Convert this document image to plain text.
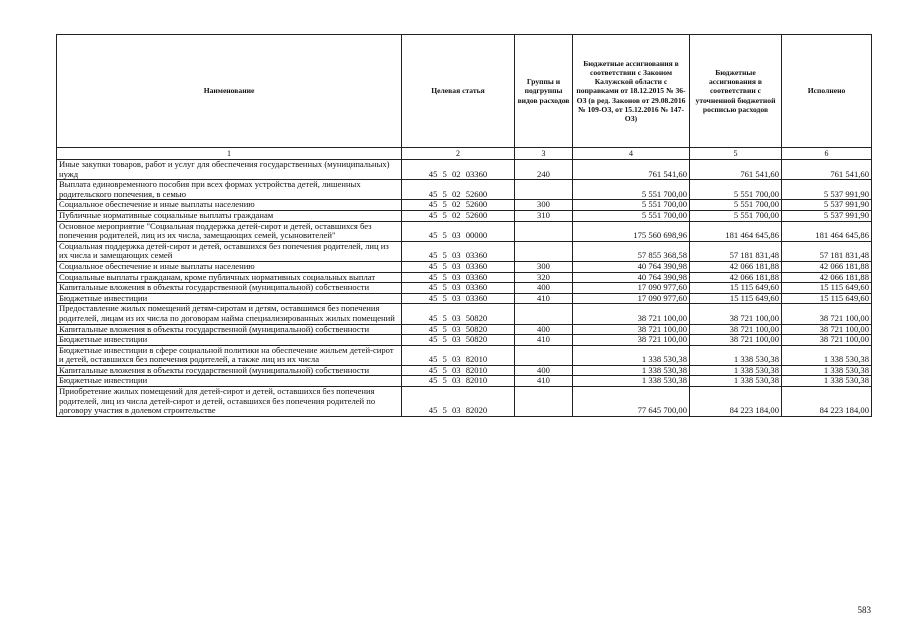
Наименование	Целевая статья	Группы и подгруппы видов расходов	Бюджетные ассигнования в соответствии с Законом Калужской области с поправками от 18.12.2015 № 36-ОЗ (в ред. Законов от 29.08.2016 № 109-ОЗ, от 15.12.2016 № 147-ОЗ)	Бюджетные ассигнования в соответствии с уточненной бюджетной росписью расходов	Исполнено
1	2	3	4	5	6
Иные закупки товаров, работ и услуг для обеспечения государственных (муниципальных) нужд	45 5 02 03360	240	761 541,60	761 541,60	761 541,60
Выплата единовременного пособия при всех формах устройства детей, лишенных родительского попечения, в семью	45 5 02 52600		5 551 700,00	5 551 700,00	5 537 991,90
Социальное обеспечение и иные выплаты населению	45 5 02 52600	300	5 551 700,00	5 551 700,00	5 537 991,90
Публичные нормативные социальные выплаты гражданам	45 5 02 52600	310	5 551 700,00	5 551 700,00	5 537 991,90
Основное мероприятие "Социальная поддержка детей-сирот и детей, оставшихся без попечения родителей, лиц из их числа, замещающих семей, усыновителей"	45 5 03 00000		175 560 698,96	181 464 645,86	181 464 645,86
Социальная поддержка детей-сирот и детей, оставшихся без попечения родителей, лиц из их числа и замещающих семей	45 5 03 03360		57 855 368,58	57 181 831,48	57 181 831,48
Социальное обеспечение и иные выплаты населению	45 5 03 03360	300	40 764 390,98	42 066 181,88	42 066 181,88
Социальные выплаты гражданам, кроме публичных нормативных социальных выплат	45 5 03 03360	320	40 764 390,98	42 066 181,88	42 066 181,88
Капитальные вложения в объекты государственной (муниципальной) собственности	45 5 03 03360	400	17 090 977,60	15 115 649,60	15 115 649,60
Бюджетные инвестиции	45 5 03 03360	410	17 090 977,60	15 115 649,60	15 115 649,60
Предоставление жилых помещений детям-сиротам и детям, оставшимся без попечения родителей, лицам из их числа по договорам найма специализированных жилых помещений	45 5 03 50820		38 721 100,00	38 721 100,00	38 721 100,00
Капитальные вложения в объекты государственной (муниципальной) собственности	45 5 03 50820	400	38 721 100,00	38 721 100,00	38 721 100,00
Бюджетные инвестиции	45 5 03 50820	410	38 721 100,00	38 721 100,00	38 721 100,00
Бюджетные инвестиции в сфере социальной политики на обеспечение жильем детей-сирот и детей, оставшихся без попечения родителей, а также лиц из их числа	45 5 03 82010		1 338 530,38	1 338 530,38	1 338 530,38
Капитальные вложения в объекты государственной (муниципальной) собственности	45 5 03 82010	400	1 338 530,38	1 338 530,38	1 338 530,38
Бюджетные инвестиции	45 5 03 82010	410	1 338 530,38	1 338 530,38	1 338 530,38
Приобретение жилых помещений для детей-сирот и детей, оставшихся без попечения родителей, лиц из числа детей-сирот и детей, оставшихся без попечения родителей по договору участия в долевом строительстве	45 5 03 82020		77 645 700,00	84 223 184,00	84 223 184,00
583
